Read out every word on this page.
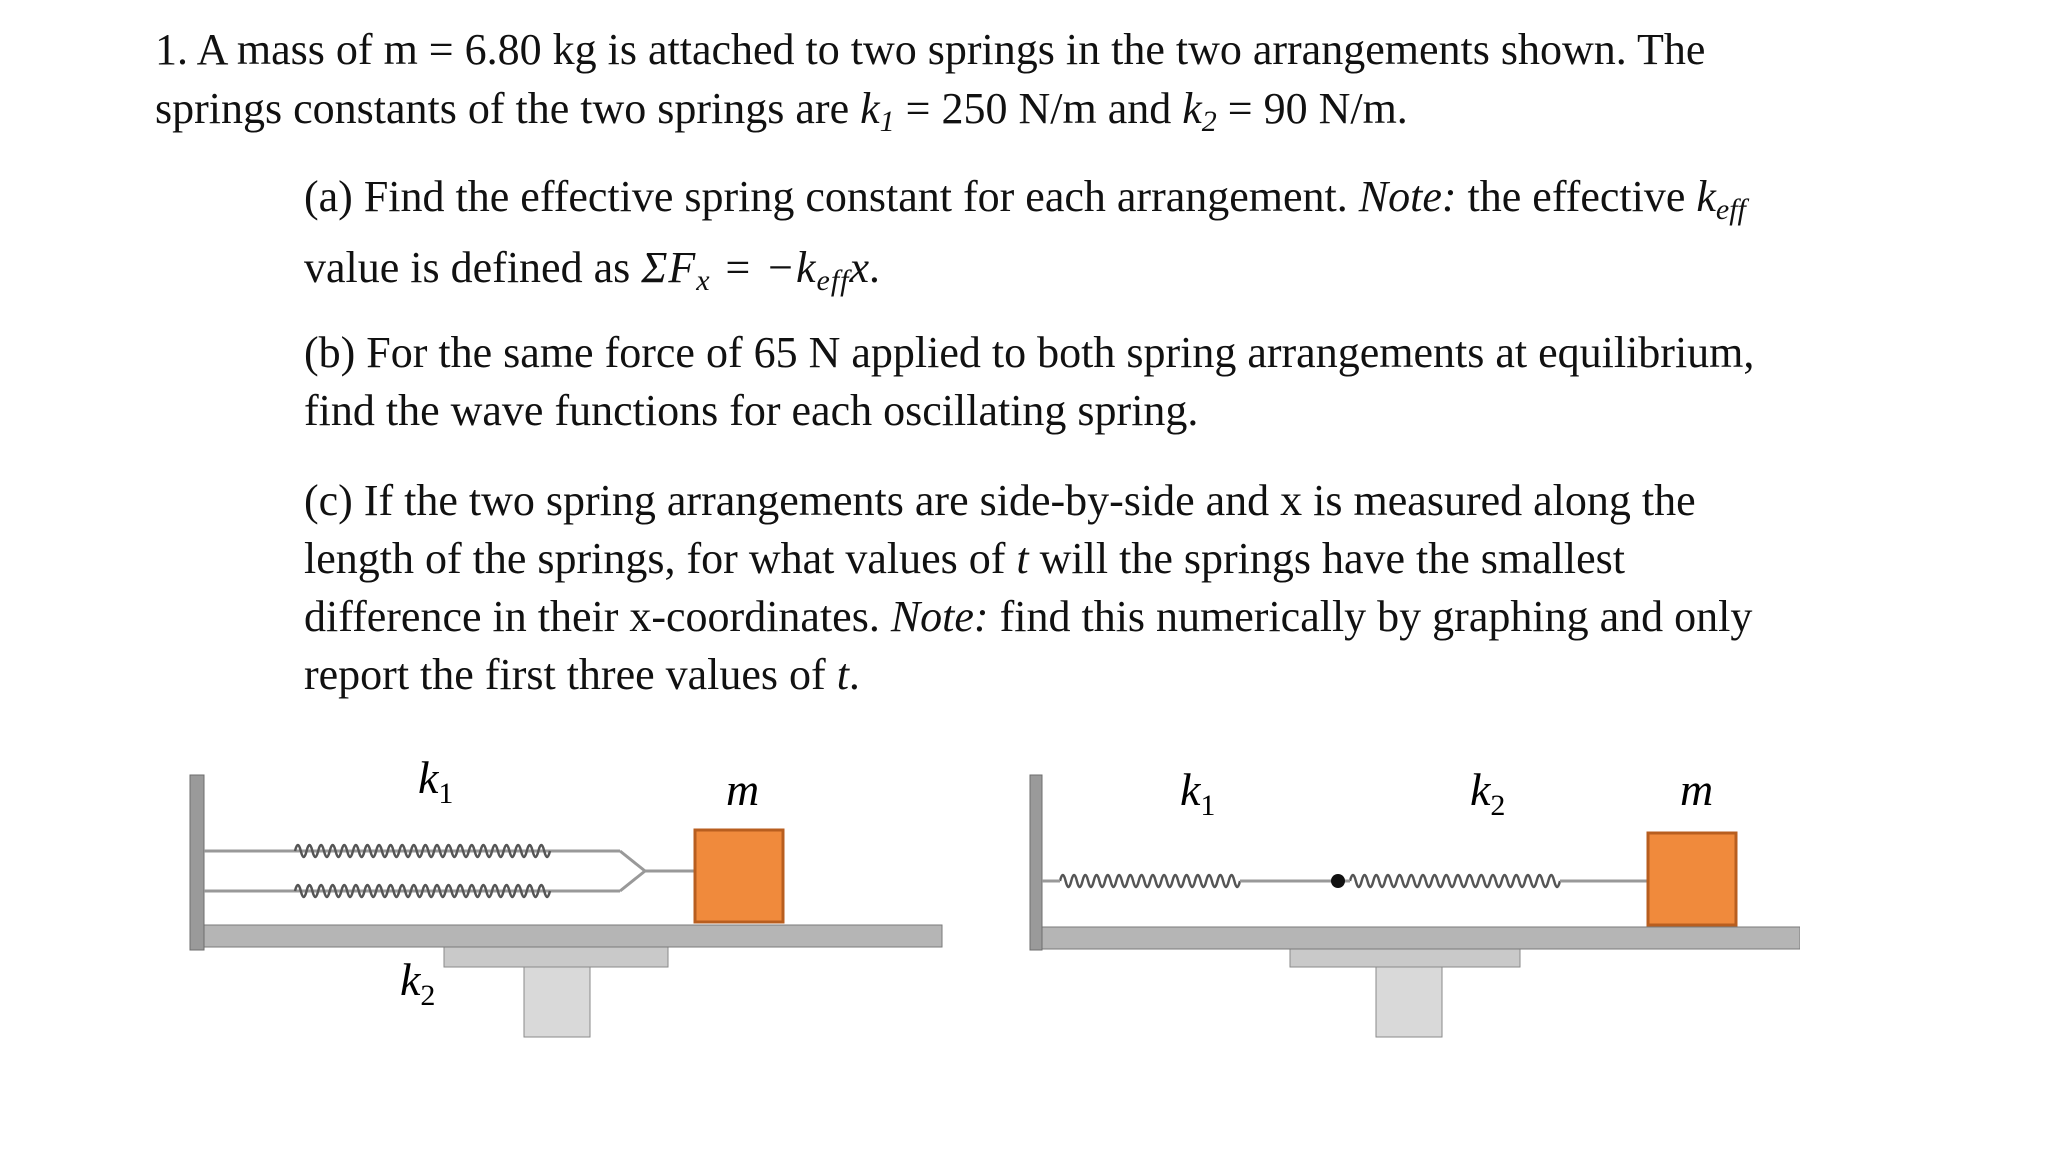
1. A mass of m = 6.80 kg is attached to two springs in the two arrangements shown. The
springs constants of the two springs are $k_1 = 250$ N/m and $k_2 = 90$ N/m.
(a) Find the effective spring constant for each arrangement. Note: the effective $k_{eff}$
value is defined as $\Sigma F_x = -k_{eff}x$.
(b) For the same force of 65 N applied to both spring arrangements at equilibrium,
find the wave functions for each oscillating spring.
(c) If the two spring arrangements are side-by-side and x is measured along the
length of the springs, for what values of t will the springs have the smallest
difference in their x-coordinates. Note: find this numerically by graphing and only
report the first three values of t.
$k_1$
$k_2$
m	$k_1$	$k_2$	m
